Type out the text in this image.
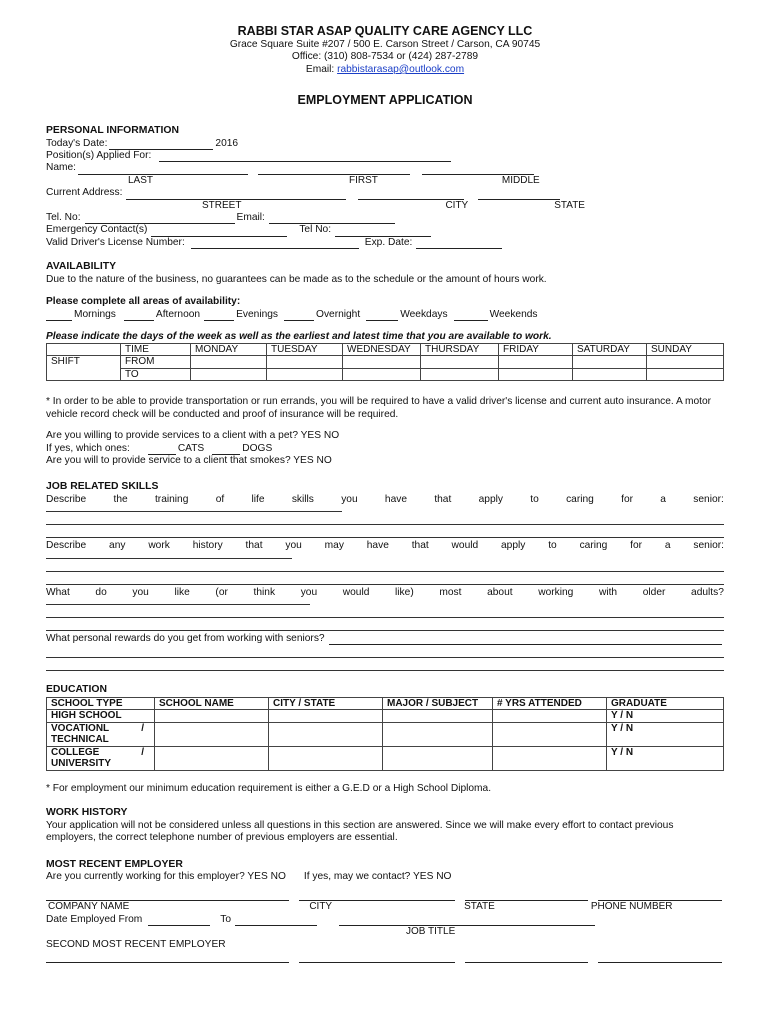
RABBI STAR ASAP QUALITY CARE AGENCY LLC
Grace Square Suite #207 / 500 E. Carson Street / Carson, CA 90745
Office: (310) 808-7534 or (424) 287-2789
Email: rabbistarasap@outlook.com
EMPLOYMENT APPLICATION
PERSONAL INFORMATION
Today's Date:	2016
Position(s) Applied For:
Name:
LAST	FIRST	MIDDLE
Current Address:
STREET	CITY	STATE
Tel. No:	Email:
Emergency Contact(s)	Tel No:
Valid Driver's License Number:	Exp. Date:
AVAILABILITY
Due to the nature of the business, no guarantees can be made as to the schedule or the amount of hours work.
Please complete all areas of availability:
Mornings	Afternoon	Evenings	Overnight	Weekdays	Weekends
Please indicate the days of the week as well as the earliest and latest time that you are available to work.
	TIME	MONDAY	TUESDAY	WEDNESDAY	THURSDAY	FRIDAY	SATURDAY	SUNDAY
SHIFT	FROM							
	TO							
* In order to be able to provide transportation or run errands, you will be required to have a valid driver's license and current auto insurance. A motor vehicle record check will be conducted and proof of insurance will be required.
Are you willing to provide services to a client with a pet? YES NO
If yes, which ones:	CATS	DOGS
Are you will to provide service to a client that smokes? YES NO
JOB RELATED SKILLS
Describe	the	training	of	life	skills	you	have	that	apply	to	caring	for	a	senior:
Describe any work history that you may have that would apply to caring for a senior:
What	do	you	like	(or	think	you	would	like)	most	about	working	with	older	adults?
What personal rewards do you get from working with seniors?
EDUCATION
SCHOOL TYPE	SCHOOL NAME	CITY / STATE	MAJOR / SUBJECT	# YRS ATTENDED	GRADUATE
HIGH SCHOOL					Y / N

VOCATIONL /
TECHNICAL					Y / N

COLLEGE /
UNIVERSITY					Y / N
* For employment our minimum education requirement is either a G.E.D or a High School Diploma.
WORK HISTORY
Your application will not be considered unless all questions in this section are answered. Since we will make every effort to contact previous employers, the correct telephone number of previous employers are essential.
MOST RECENT EMPLOYER
Are you currently working for this employer? YES NO If yes, may we contact? YES NO
COMPANY NAME	CITY	STATE	PHONE NUMBER
Date Employed From	To
JOB TITLE
SECOND MOST RECENT EMPLOYER
